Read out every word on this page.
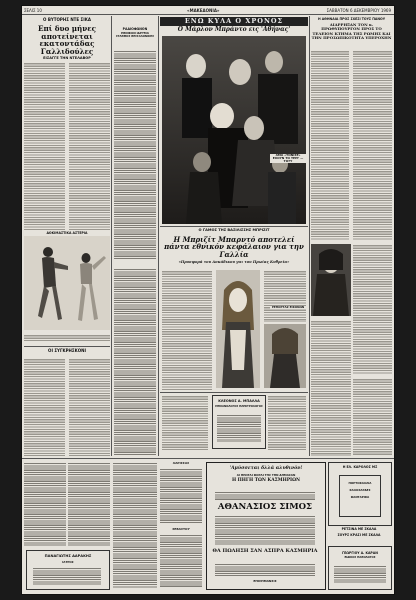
ΣΕΛΙΣ 10	«ΜΑΚΕΔΟΝΙΑ»	ΣΑΒΒΑΤΟΝ 6 ΔΕΚΕΜΒΡΙΟΥ 1969
Ο ΒΥΤΟΡΗΣ ΝΤΕ ΣΙΚΑ
Επί δυο μήνες αποτείνεται εκατοντάδας Γαλλιδούλες
ΕΙΣΑΓΓΕ ΤΗΝ ΝΤΕΛΑΒΟΡ
ΔΟΚΙΜΑΣΤΙΚΑ ΑΣΤΕΡΙΑ
ΟΙ ΣΥΓΚΡΗΣΚΟΝΙ
ΡΑΔΙΟΦΩΝΟΝ
ΕΘΝΙΚΟΝ ΙΔΡΥΜΑ
ΣΤΑΘΜΟΣ ΘΕΣΣΑΛΟΝΙΚΗΣ
ΕΝΩ ΚΥΛΑ Ο ΧΡΟΝΟΣ
Ο Μάρλον Μπράντο εις 'Αθήνας'
Ο ΓΑΜΟΣ ΤΗΣ ΒΑΣΙΛΙΣΣΗΣ ΜΠΡΙΖΙΤ
Η Μπριζίτ Μπαρντό αποτελεί πάντα εθνικόν κεφάλαιον για την Γαλλία
«Προσφορά του Ασκάδικου γαι του Πρωίας Κυθρεία»
Η ΑΘΗΝΑΙΑ ΠΡΟΣ ΣΧΕΣΙ ΤΟΥΣ ΠΑΝΟΥ
ΔΙΑΡΡΗΞΑΝ ΤΟΝ κ. ΠΡΩΘΥΠΟΥΡΓΟΝ ΠΡΟΣ ΤΟ ΤΕΛΕΙΟΝ ΚΤΗΜΑ ΤΗΣ ΡΩΜΗΣ ΚΑΙ ΤΗΝ ΠΡΟΣΩΠΙΚΟΤΗΤΑ ΥΠΕΡΟΧΗΝ
ΚΛΕΟΝΟΣ Α. ΜΠΑΛΛΑ
ΜΗΧΑΝΟΛΟΓΟΣ ΗΛΕΚΤΡΟΛΟΓΟΣ
ΠΑΝΑΓΙΩΤΗΣ ΔΑΡΑΚΗΣ
ΙΑΤΡΟΣ
ΛΑΡΙΣΣΑΣ
ΣΕΒΑΣΤΟΥ
'Αμύσσεται δλλά αλυθινόν!
ΑΙ ΠΡΩΤΑΙ ΦΟΡΑΙ ΤΗΣ ΤΗΝ ΔΗΜΑΣΑΝ
Η ΠΗΓΗ ΤΩΝ ΚΑΣΜΗΡΙΩΝ
ΑΘΑΝΑΣΙΟΣ ΣΙΜΟΣ
ΘΑ ΠΩΛΗΣΗ ΣΑΝ ΑΣΠΡΑ ΚΑΣΜΗΡΙΑ
ΕΠΙΣΗΜΑΝΣΙΣ
Η ΕΛ. ΚΑΡΟΛΟΣ ΜΣ
ΠΟΡΤΟΚΑΛΛΙΑ
ΚΑΛΟΣΑΡΔΕΣ
ΦΑΝΤΑΡΙΚΑ
ΡΕΤΣΙΝΑ ΜΕ ΣΚΑΛΑ
ΣΟΥΡΣ ΚΡΑΣΙ ΜΕ ΣΚΑΛΑ
ΓΕΩΡΓΙΟΥ Α. ΚΑΡΑΝ
ΕΙΔΙΚΟΣ ΠΑΘΟΛΟΓΟΣ
ΑΜΑ «ΤΟΝΙΣΕ» ΕΧΟΥΝ ΤΟ ΤΕΡΓ — ΤΟΞΥ
ΡΕΠΟΡΤΑΖ ΕΙΚΟΝΩΝ
